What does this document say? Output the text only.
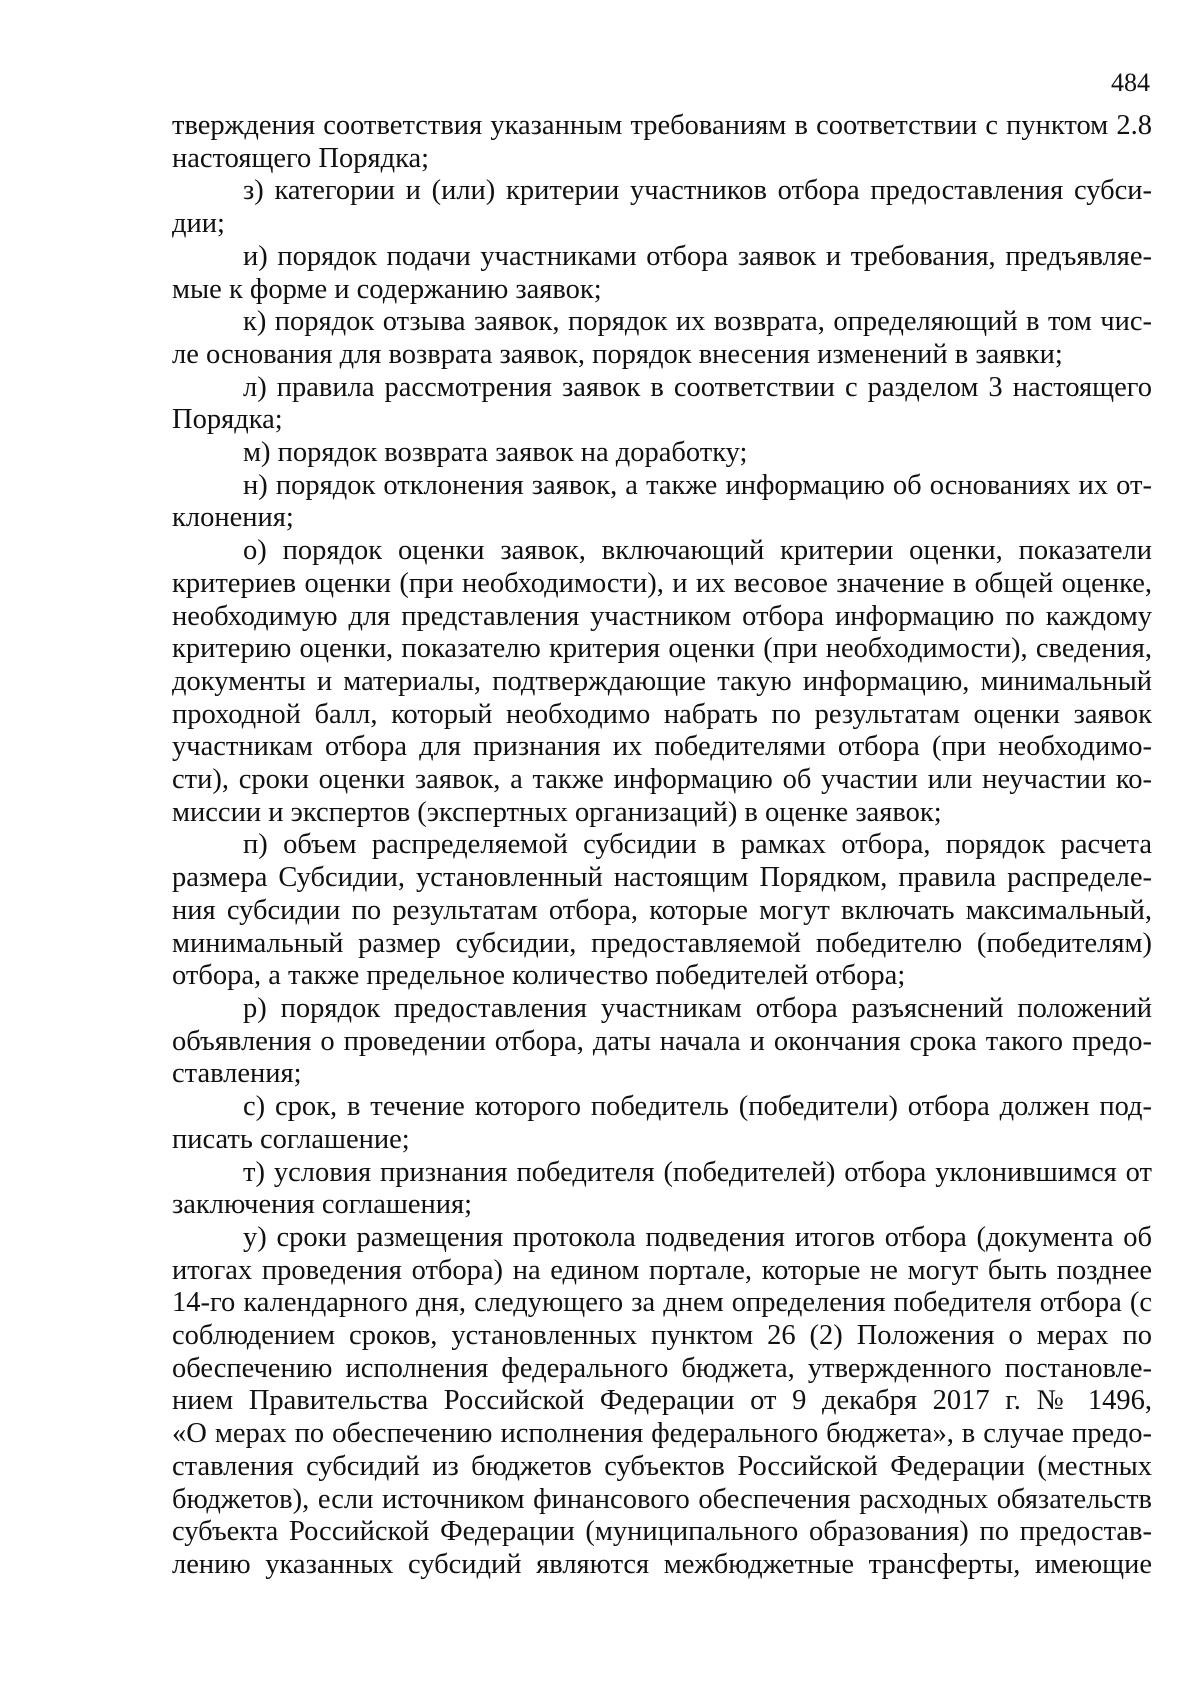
484
тверждения соответствия указанным требованиям в соответствии с пунктом 2.8
настоящего Порядка;
з) категории и (или) критерии участников отбора предоставления субси-
дии;
и) порядок подачи участниками отбора заявок и требования, предъявляе-
мые к форме и содержанию заявок;
к) порядок отзыва заявок, порядок их возврата, определяющий в том чис-
ле основания для возврата заявок, порядок внесения изменений в заявки;
л) правила рассмотрения заявок в соответствии с разделом 3 настоящего
Порядка;
м) порядок возврата заявок на доработку;
н) порядок отклонения заявок, а также информацию об основаниях их от-
клонения;
о) порядок оценки заявок, включающий критерии оценки, показатели
критериев оценки (при необходимости), и их весовое значение в общей оценке,
необходимую для представления участником отбора информацию по каждому
критерию оценки, показателю критерия оценки (при необходимости), сведения,
документы и материалы, подтверждающие такую информацию, минимальный
проходной балл, который необходимо набрать по результатам оценки заявок
участникам отбора для признания их победителями отбора (при необходимо-
сти), сроки оценки заявок, а также информацию об участии или неучастии ко-
миссии и экспертов (экспертных организаций) в оценке заявок;
п) объем распределяемой субсидии в рамках отбора, порядок расчета
размера Субсидии, установленный настоящим Порядком, правила распределе-
ния субсидии по результатам отбора, которые могут включать максимальный,
минимальный размер субсидии, предоставляемой победителю (победителям)
отбора, а также предельное количество победителей отбора;
р) порядок предоставления участникам отбора разъяснений положений
объявления о проведении отбора, даты начала и окончания срока такого предо-
ставления;
с) срок, в течение которого победитель (победители) отбора должен под-
писать соглашение;
т) условия признания победителя (победителей) отбора уклонившимся от
заключения соглашения;
у) сроки размещения протокола подведения итогов отбора (документа об
итогах проведения отбора) на едином портале, которые не могут быть позднее
14-го календарного дня, следующего за днем определения победителя отбора (с
соблюдением сроков, установленных пунктом 26 (2) Положения о мерах по
обеспечению исполнения федерального бюджета, утвержденного постановле-
нием Правительства Российской Федерации от 9 декабря 2017 г. № 1496,
«О мерах по обеспечению исполнения федерального бюджета», в случае предо-
ставления субсидий из бюджетов субъектов Российской Федерации (местных
бюджетов), если источником финансового обеспечения расходных обязательств
субъекта Российской Федерации (муниципального образования) по предостав-
лению указанных субсидий являются межбюджетные трансферты, имеющие
